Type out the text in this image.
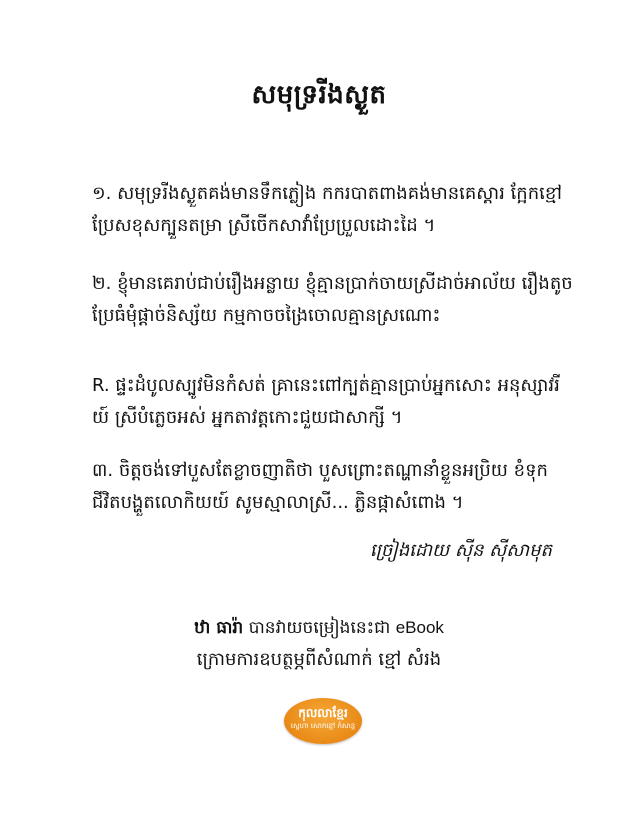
សមុទ្ររីងស្ងួត

១. សមុទ្ររីងស្ងួតគង់មានទឹកភ្លៀង កករបាតពាងគង់មានគេស្តារ ក្អែកខ្មៅ

ប្រែសខុសក្បួនតម្រា ស្រីចើកសាវាំប្រែប្រួលដោះដៃ ។

២. ខ្ញុំមានគេរាប់ជាប់រឿងអន្លាយ ខ្ញុំគ្មានប្រាក់ចាយស្រីដាច់អាល័យ រឿងតូច

ប្រែធំមុំផ្តាច់និស្ស័យ កម្មកាចចង្រៃចោលគ្មានស្រណោះ

R. ផ្ទះដំបូលស្បូវមិនកំសត់ គ្រានេះពៅក្បត់គ្មានប្រាប់អ្នកសោះ អនុស្សាវរី

យ៍ ស្រីបំភ្លេចអស់ អ្នកតាវត្តកោះជួយជាសាក្សី ។

៣. ចិត្តចង់ទៅបួសតែខ្លាចញាតិថា បួសព្រោះតណ្ហានាំខ្លួនអប្រិយ ខំទុក

ជីវិតបង្ហួតលោកិយយ៍ សូមស្មាលាស្រី... ភ្លិនផ្កាសំពោង ។

ច្រៀងដោយ ស៊ីន ស៊ីសាមុត
ឋា ធារ៉ា បានវាយចម្រៀងនេះជា eBook
ក្រោមការឧបត្ថម្ភពីសំណាក់ ខ្មៅ សំរង
កុលលាខ្មែរ
ស្នេហា សោកខ្មៅ កំសាន្ត
